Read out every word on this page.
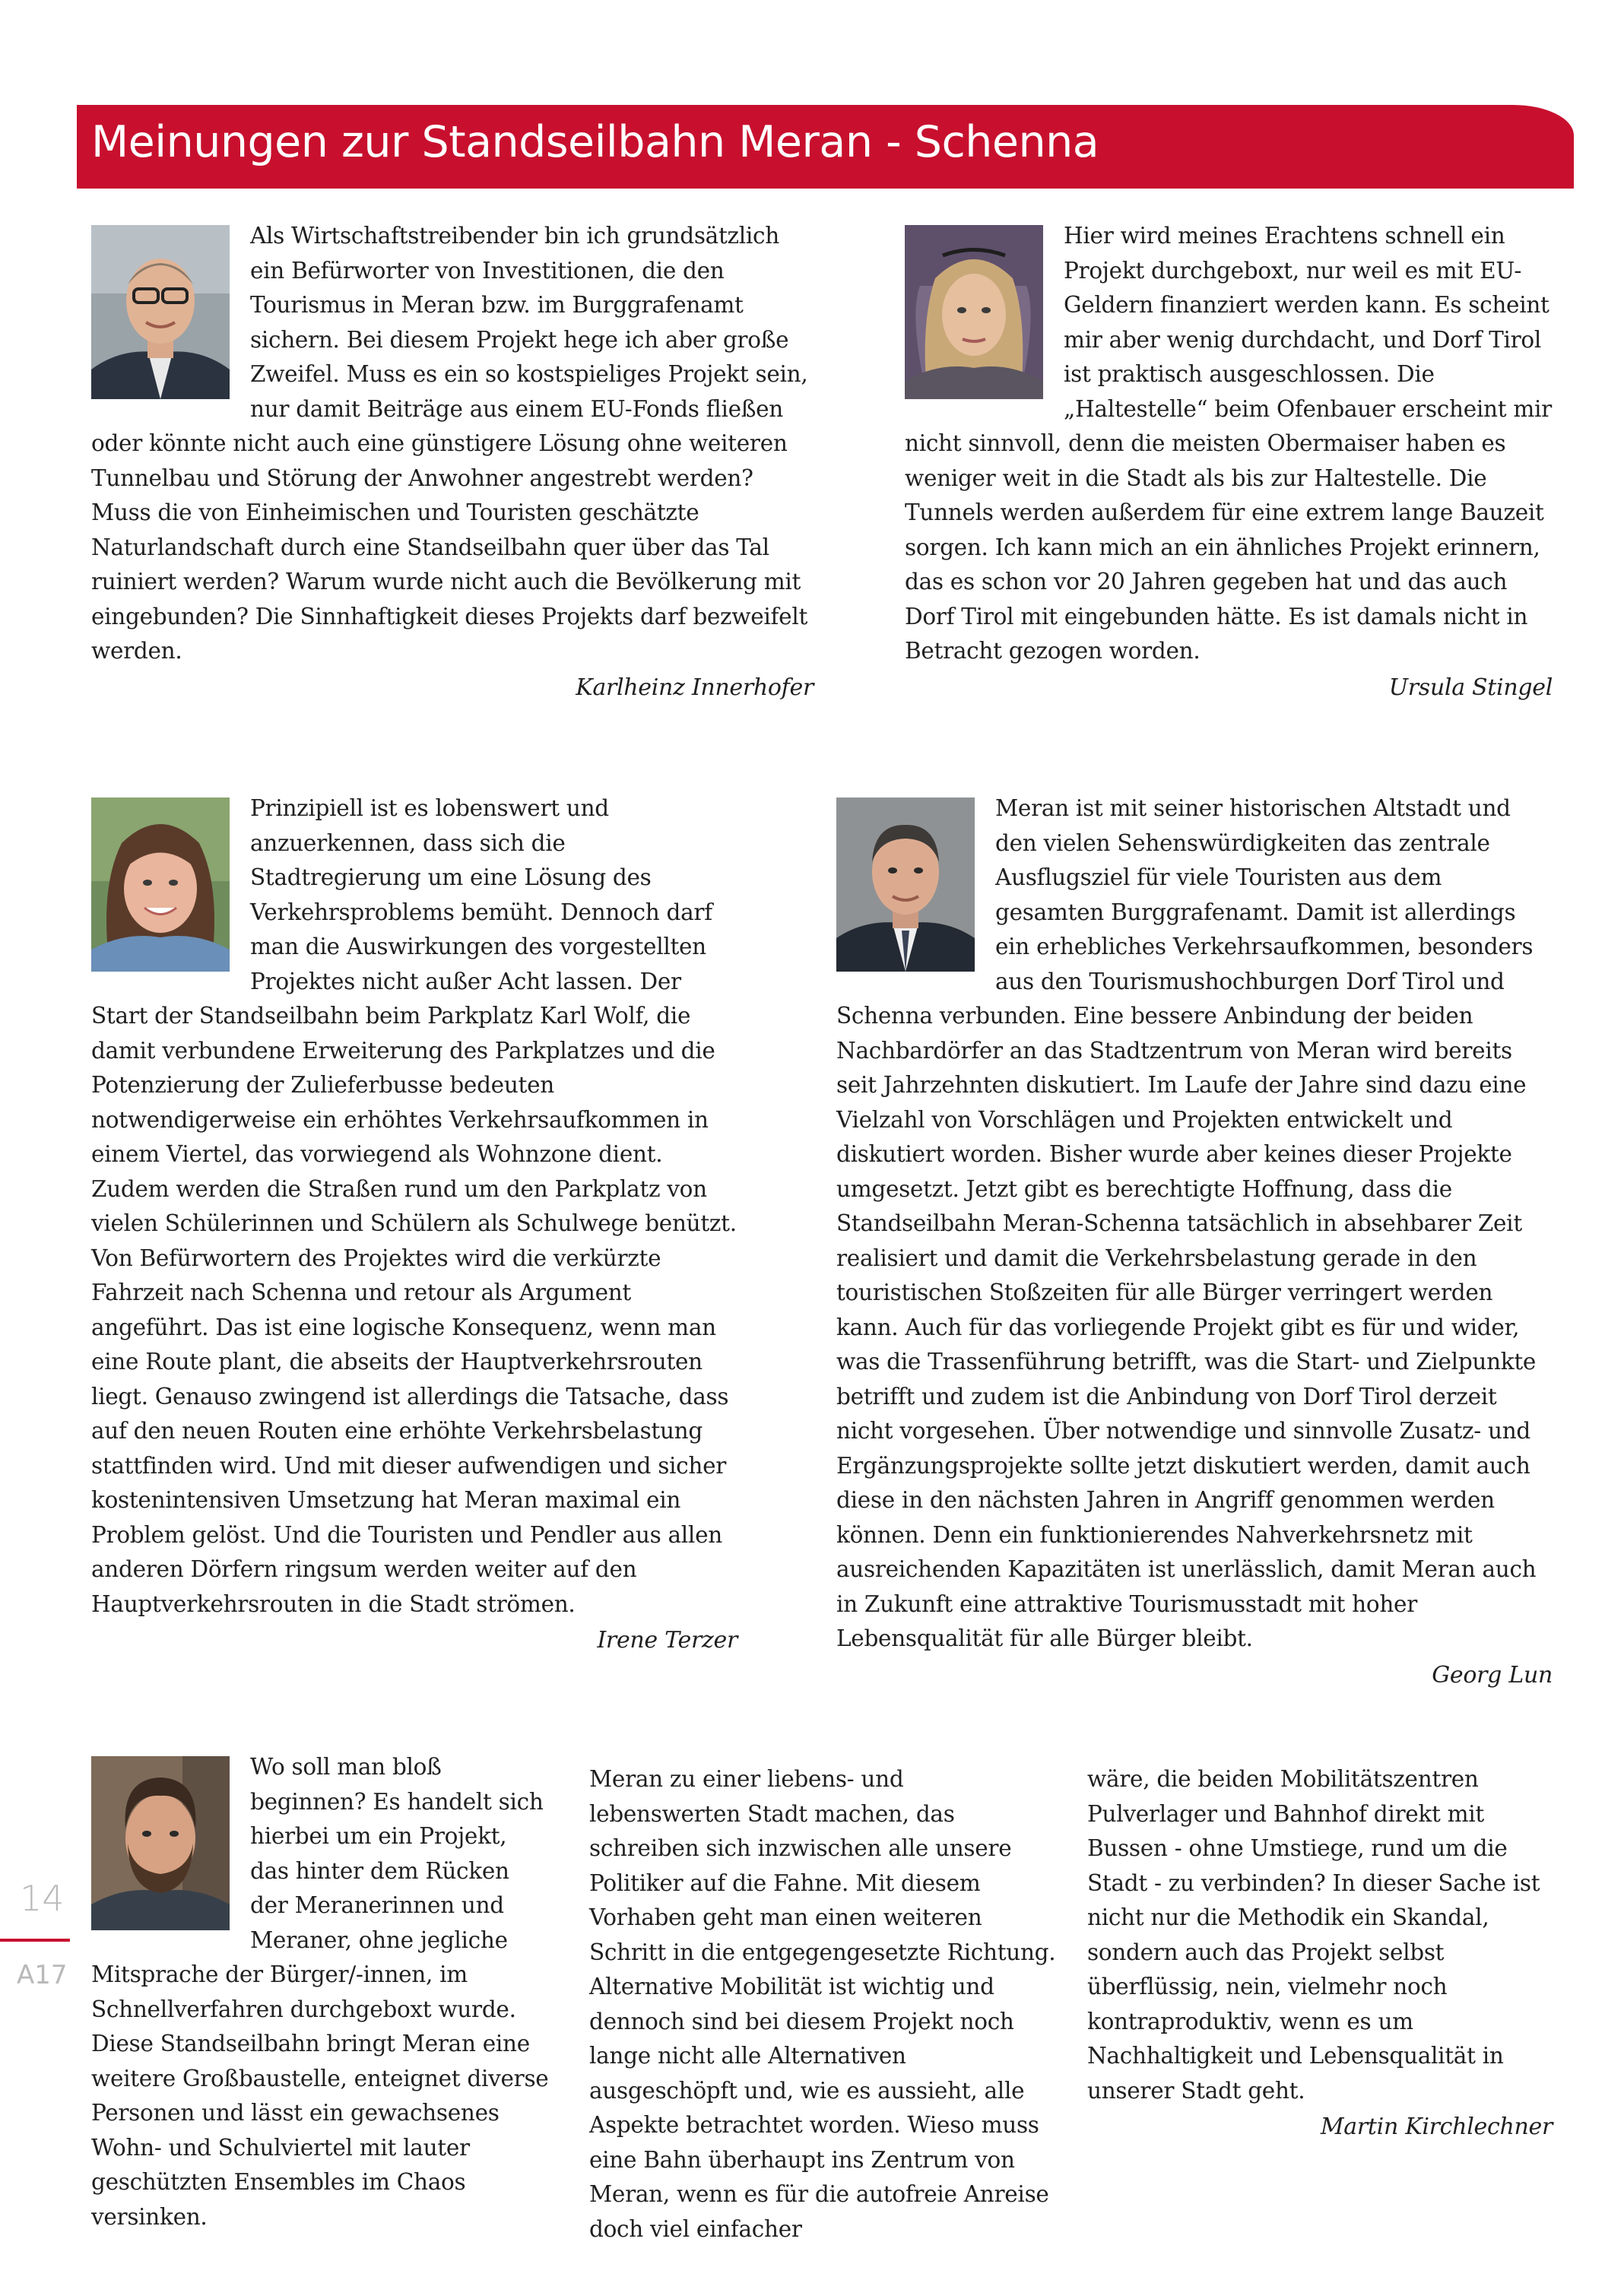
Meinungen zur Standseilbahn Meran - Schenna

Als Wirtschaftstreibender bin ich grundsätzlich ein Befürworter von Investitionen, die den Tourismus in Meran bzw. im Burggrafenamt sichern. Bei diesem Projekt hege ich aber große Zweifel. Muss es ein so kostspieliges Projekt sein, nur damit Beiträge aus einem EU-Fonds fließen oder könnte nicht auch eine günstigere Lösung ohne weiteren Tunnelbau und Störung der Anwohner angestrebt werden? Muss die von Einheimischen und Touristen geschätzte Naturlandschaft durch eine Standseilbahn quer über das Tal ruiniert werden? Warum wurde nicht auch die Bevölkerung mit eingebunden? Die Sinnhaftigkeit dieses Projekts darf bezweifelt werden.

Karlheinz Innerhofer

Hier wird meines Erachtens schnell ein Projekt durchgeboxt, nur weil es mit EU-Geldern finanziert werden kann. Es scheint mir aber wenig durchdacht, und Dorf Tirol ist praktisch ausgeschlossen. Die „Haltestelle“ beim Ofenbauer erscheint mir nicht sinnvoll, denn die meisten Obermaiser haben es weniger weit in die Stadt als bis zur Haltestelle. Die Tunnels werden außerdem für eine extrem lange Bauzeit sorgen. Ich kann mich an ein ähnliches Projekt erinnern, das es schon vor 20 Jahren gegeben hat und das auch Dorf Tirol mit eingebunden hätte. Es ist damals nicht in Betracht gezogen worden.

Ursula Stingel

Prinzipiell ist es lobenswert und anzuerkennen, dass sich die Stadtregierung um eine Lösung des Verkehrsproblems bemüht. Dennoch darf man die Auswirkungen des vorgestellten Projektes nicht außer Acht lassen. Der Start der Standseilbahn beim Parkplatz Karl Wolf, die damit verbundene Erweiterung des Parkplatzes und die Potenzierung der Zulieferbusse bedeuten notwendigerweise ein erhöhtes Verkehrsaufkommen in einem Viertel, das vorwiegend als Wohnzone dient. Zudem werden die Straßen rund um den Parkplatz von vielen Schülerinnen und Schülern als Schulwege benützt.

Von Befürwortern des Projektes wird die verkürzte Fahrzeit nach Schenna und retour als Argument angeführt. Das ist eine logische Konsequenz, wenn man eine Route plant, die abseits der Hauptverkehrsrouten liegt. Genauso zwingend ist allerdings die Tatsache, dass auf den neuen Routen eine erhöhte Verkehrsbelastung stattfinden wird. Und mit dieser aufwendigen und sicher kostenintensiven Umsetzung hat Meran maximal ein Problem gelöst. Und die Touristen und Pendler aus allen anderen Dörfern ringsum werden weiter auf den Hauptverkehrsrouten in die Stadt strömen.

Irene Terzer

Meran ist mit seiner historischen Altstadt und den vielen Sehenswürdigkeiten das zentrale Ausflugsziel für viele Touristen aus dem gesamten Burggrafenamt. Damit ist allerdings ein erhebliches Verkehrsaufkommen, besonders aus den Tourismushochburgen Dorf Tirol und Schenna verbunden. Eine bessere Anbindung der beiden Nachbardörfer an das Stadtzentrum von Meran wird bereits seit Jahrzehnten diskutiert. Im Laufe der Jahre sind dazu eine Vielzahl von Vorschlägen und Projekten entwickelt und diskutiert worden. Bisher wurde aber keines dieser Projekte umgesetzt. Jetzt gibt es berechtigte Hoffnung, dass die Standseilbahn Meran-Schenna tatsächlich in absehbarer Zeit realisiert und damit die Verkehrsbelastung gerade in den touristischen Stoßzeiten für alle Bürger verringert werden kann. Auch für das vorliegende Projekt gibt es für und wider, was die Trassenführung betrifft, was die Start- und Zielpunkte betrifft und zudem ist die Anbindung von Dorf Tirol derzeit nicht vorgesehen. Über notwendige und sinnvolle Zusatz- und Ergänzungsprojekte sollte jetzt diskutiert werden, damit auch diese in den nächsten Jahren in Angriff genommen werden können. Denn ein funktionierendes Nahverkehrsnetz mit ausreichenden Kapazitäten ist unerlässlich, damit Meran auch in Zukunft eine attraktive Tourismusstadt mit hoher Lebensqualität für alle Bürger bleibt.

Georg Lun

Wo soll man bloß beginnen? Es handelt sich hierbei um ein Projekt, das hinter dem Rücken der Meranerinnen und Meraner, ohne jegliche Mitsprache der Bürger/-innen, im Schnellverfahren durchgeboxt wurde. Diese Standseilbahn bringt Meran eine weitere Großbaustelle, enteignet diverse Personen und lässt ein gewachsenes Wohn- und Schulviertel mit lauter geschützten Ensembles im Chaos versinken.

Meran zu einer liebens- und lebenswerten Stadt machen, das schreiben sich inzwischen alle unsere Politiker auf die Fahne. Mit diesem Vorhaben geht man einen weiteren Schritt in die entgegengesetzte Richtung. Alternative Mobilität ist wichtig und dennoch sind bei diesem Projekt noch lange nicht alle Alternativen ausgeschöpft und, wie es aussieht, alle Aspekte betrachtet worden. Wieso muss eine Bahn überhaupt ins Zentrum von Meran, wenn es für die autofreie Anreise doch viel einfacher

wäre, die beiden Mobilitätszentren Pulverlager und Bahnhof direkt mit Bussen - ohne Umstiege, rund um die Stadt - zu verbinden? In dieser Sache ist nicht nur die Methodik ein Skandal, sondern auch das Projekt selbst überflüssig, nein, vielmehr noch kontraproduktiv, wenn es um Nachhaltigkeit und Lebensqualität in unserer Stadt geht.

Martin Kirchlechner
14
A17
